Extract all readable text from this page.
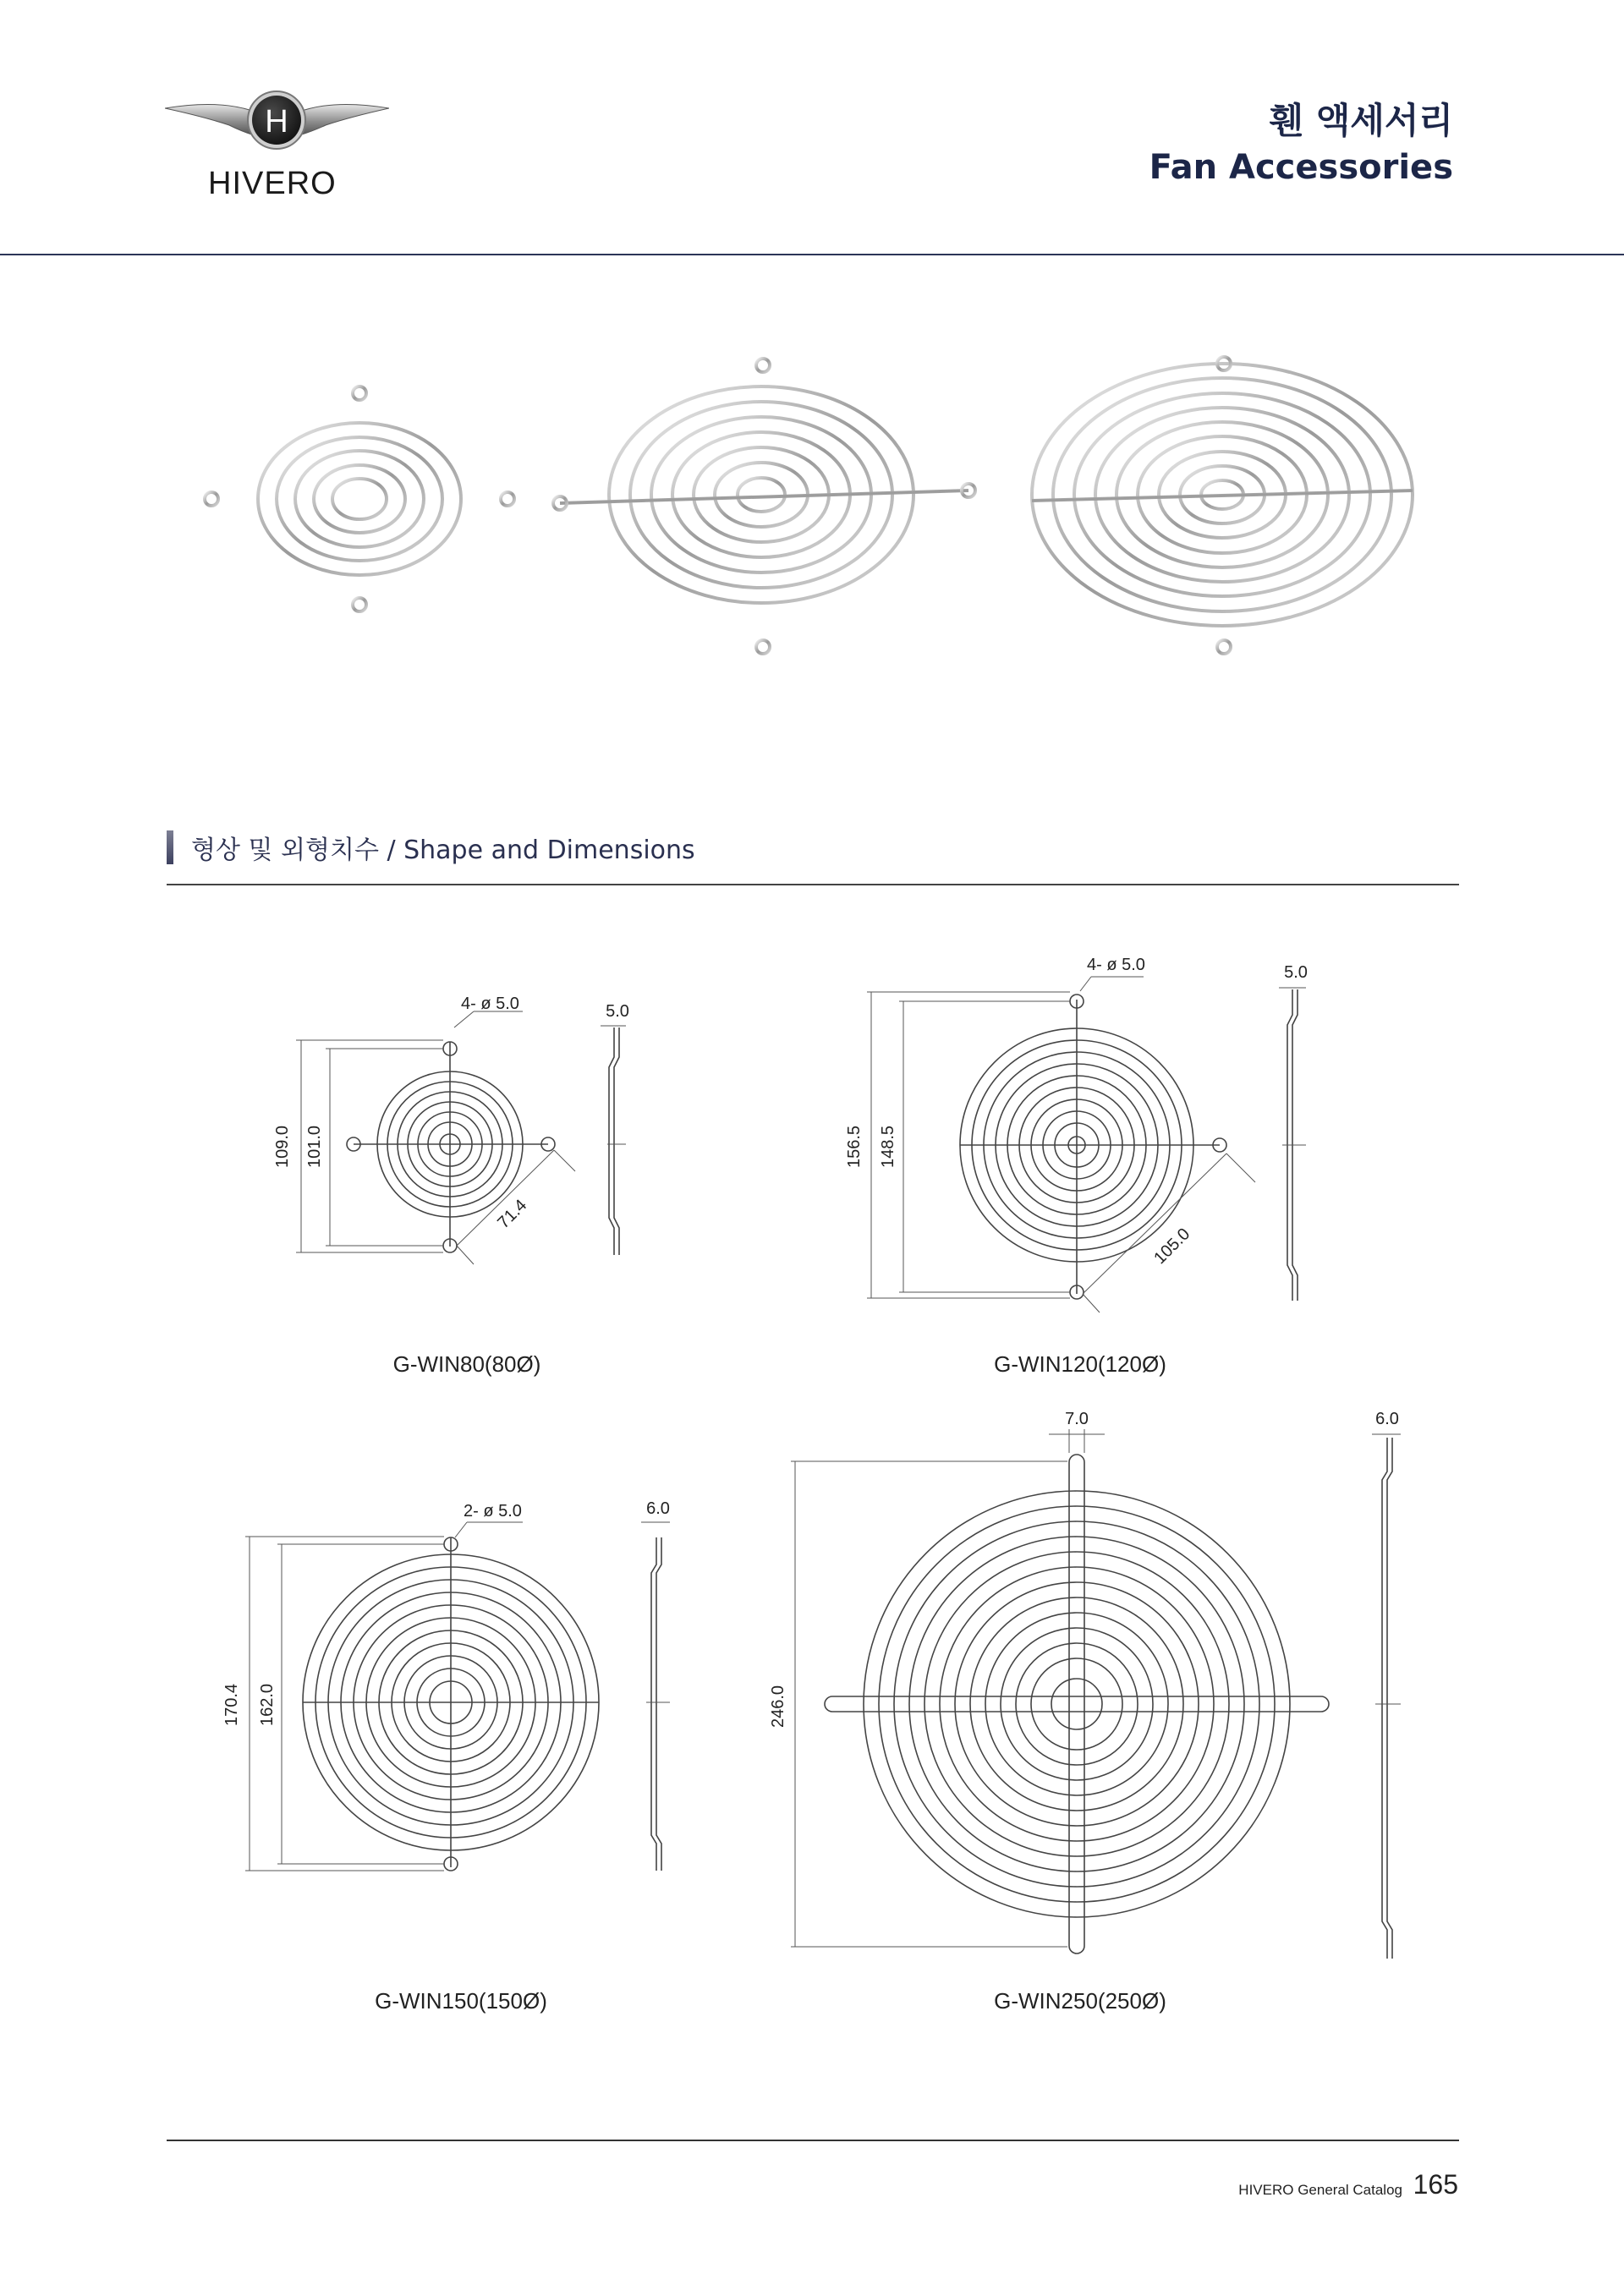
H
HIVERO
휀 액세서리
Fan Accessories
형상 및 외형치수 / Shape and Dimensions
4- ø 5.0
109.0 101.0
71.4
5.0
G-WIN80(80Ø)
4- ø 5.0
156.5 148.5
105.0
5.0
G-WIN120(120Ø)
2- ø 5.0
170.4 162.0
6.0
G-WIN150(150Ø)
7.0
246.0
6.0
G-WIN250(250Ø)
HIVERO General Catalog 165
